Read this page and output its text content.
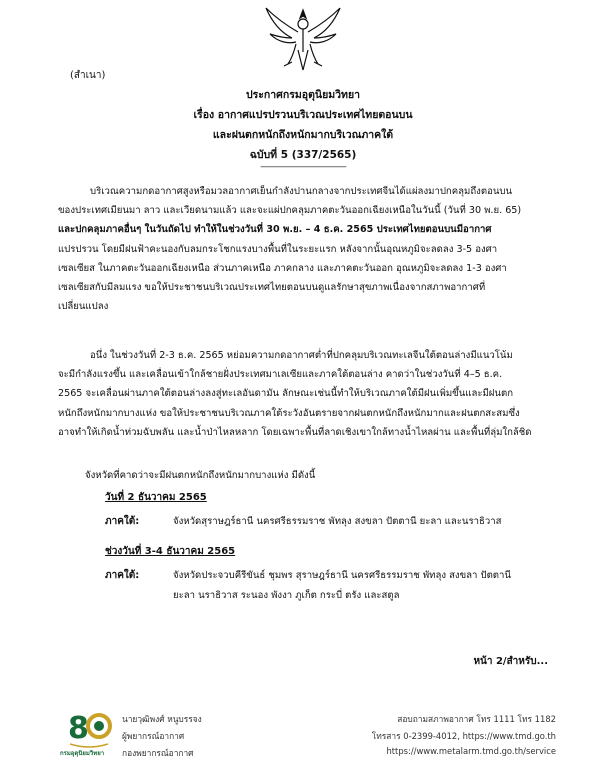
(สำเนา)
ประกาศกรมอุตุนิยมวิทยา
เรื่อง อากาศแปรปรวนบริเวณประเทศไทยตอนบน
และฝนตกหนักถึงหนักมากบริเวณภาคใต้
ฉบับที่ 5 (337/2565)
--------------------------------------
บริเวณความกดอากาศสูงหรือมวลอากาศเย็นกำลังปานกลางจากประเทศจีนได้แผ่ลงมาปกคลุมถึงตอนบน
ของประเทศเมียนมา ลาว และเวียดนามแล้ว และจะแผ่ปกคลุมภาคตะวันออกเฉียงเหนือในวันนี้ (วันที่ 30 พ.ย. 65)
และปกคลุมภาคอื่นๆ ในวันถัดไป ทำให้ในช่วงวันที่ 30 พ.ย. – 4 ธ.ค. 2565 ประเทศไทยตอนบนมีอากาศ
แปรปรวน โดยมีฝนฟ้าคะนองกับลมกระโชกแรงบางพื้นที่ในระยะแรก หลังจากนั้นอุณหภูมิจะลดลง 3-5 องศา
เซลเซียส ในภาคตะวันออกเฉียงเหนือ ส่วนภาคเหนือ ภาคกลาง และภาคตะวันออก อุณหภูมิจะลดลง 1-3 องศา
เซลเซียสกับมีลมแรง ขอให้ประชาชนบริเวณประเทศไทยตอนบนดูแลรักษาสุขภาพเนื่องจากสภาพอากาศที่
เปลี่ยนแปลง
อนึ่ง ในช่วงวันที่ 2-3 ธ.ค. 2565 หย่อมความกดอากาศต่ำที่ปกคลุมบริเวณทะเลจีนใต้ตอนล่างมีแนวโน้ม
จะมีกำลังแรงขึ้น และเคลื่อนเข้าใกล้ชายฝั่งประเทศมาเลเซียและภาคใต้ตอนล่าง คาดว่าในช่วงวันที่ 4–5 ธ.ค.
2565 จะเคลื่อนผ่านภาคใต้ตอนล่างลงสู่ทะเลอันดามัน ลักษณะเช่นนี้ทำให้บริเวณภาคใต้มีฝนเพิ่มขึ้นและมีฝนตก
หนักถึงหนักมากบางแห่ง ขอให้ประชาชนบริเวณภาคใต้ระวังอันตรายจากฝนตกหนักถึงหนักมากและฝนตกสะสมซึ่ง
อาจทำให้เกิดน้ำท่วมฉับพลัน และน้ำป่าไหลหลาก โดยเฉพาะพื้นที่ลาดเชิงเขาใกล้ทางน้ำไหลผ่าน และพื้นที่ลุ่มใกล้ชิด
จังหวัดที่คาดว่าจะมีฝนตกหนักถึงหนักมากบางแห่ง มีดังนี้
วันที่ 2 ธันวาคม 2565
ภาคใต้:	จังหวัดสุราษฎร์ธานี นครศรีธรรมราช พัทลุง สงขลา ปัตตานี ยะลา และนราธิวาส
ช่วงวันที่ 3-4 ธันวาคม 2565
ภาคใต้:	จังหวัดประจวบคีรีขันธ์ ชุมพร สุราษฎร์ธานี นครศรีธรรมราช พัทลุง สงขลา ปัตตานี
ยะลา นราธิวาส ระนอง พังงา ภูเก็ต กระบี่ ตรัง และสตูล
หน้า 2/สำหรับ...
8
กรมอุตุนิยมวิทยา
นายวุฒิพงศ์ หนูบรรจง
ผู้พยากรณ์อากาศ
กองพยากรณ์อากาศ
สอบถามสภาพอากาศ โทร 1111 โทร 1182
โทรสาร 0-2399-4012, https://www.tmd.go.th
https://www.metalarm.tmd.go.th/service
